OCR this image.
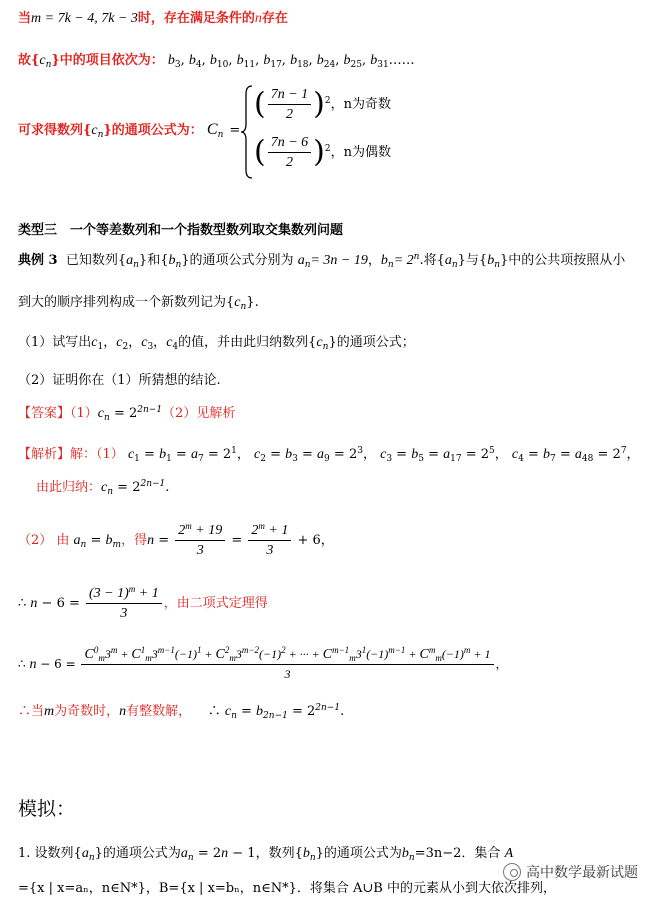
当m = 7k − 4, 7k − 3时，存在满足条件的n存在
故$\{c_n\}$中的项目依次为： $b_3$, $b_4$, $b_{10}$, $b_{11}$, $b_{17}$, $b_{18}$, $b_{24}$, $b_{25}$, $b_{31}\dots\dots$
可求得数列$\{c_n\}$的通项公式为： $C_n$ =
( $\frac{7n - 1}{2} )^2$，n为奇数
( $\frac{7n - 6}{2} )^2$，n为偶数
类型三　一个等差数列和一个指数型数列取交集数列问题
典例 3 已知数列$\{a_n\}$和$\{b_n\}$的通项公式分别为 $a_n= 3n - 19$，$b_n= 2^n$.将$\{a_n\}$与$\{b_n\}$中的公共项按照从小
到大的顺序排列构成一个新数列记为$\{c_n\}$.
（1）试写出$c_1$，$c_2$，$c_3$，$c_4$的值，并由此归纳数列$\{c_n\}$的通项公式；
（2）证明你在（1）所猜想的结论.
【答案】$(1)c_n = 2^{2n-1}(2)$见解析
【解析】解：（1） $c_1 = b_1 = a_7 = 2^1$， $c_2 = b_3 = a_9 = 2^3$， $c_3 = b_5 = a_{17} = 2^5$， $c_4 = b_7 = a_{48} = 2^7$，
由此归纳：$c_n = 2^{2n-1}$.
（2） 由 $a_n = b_m$，得$n = \frac{2^m + 19}{3} = \frac{2^m + 1}{3} + 6$，
∴ $n - 6 = \frac{(3 - 1)^m + 1}{3}$ ，由二项式定理得
∴ n − 6 =
$C^0_m3^m + C^1_m3^{m-1}(-1)^1 + C^2_m3^{m-2}(-1)^2$ + ··· + $C^{m-1}_m3^1(-1)^{m-1} + C^m_m(-1)^m + 1$
3
，
∴当m为奇数时，n有整数解， ∴ $c_n = b_{2n-1} = 2^{2n-1}$.
模拟：
1. 设数列$\{a_n\}$的通项公式为$a_n = 2n - 1$，数列$\{b_n\}$的通项公式为$b_n=3n-2$．集合 A
={x | x=aₙ，n∈N*}，B={x | x=bₙ，n∈N*}．将集合 A∪B 中的元素从小到大依次排列，
高中数学最新试题
